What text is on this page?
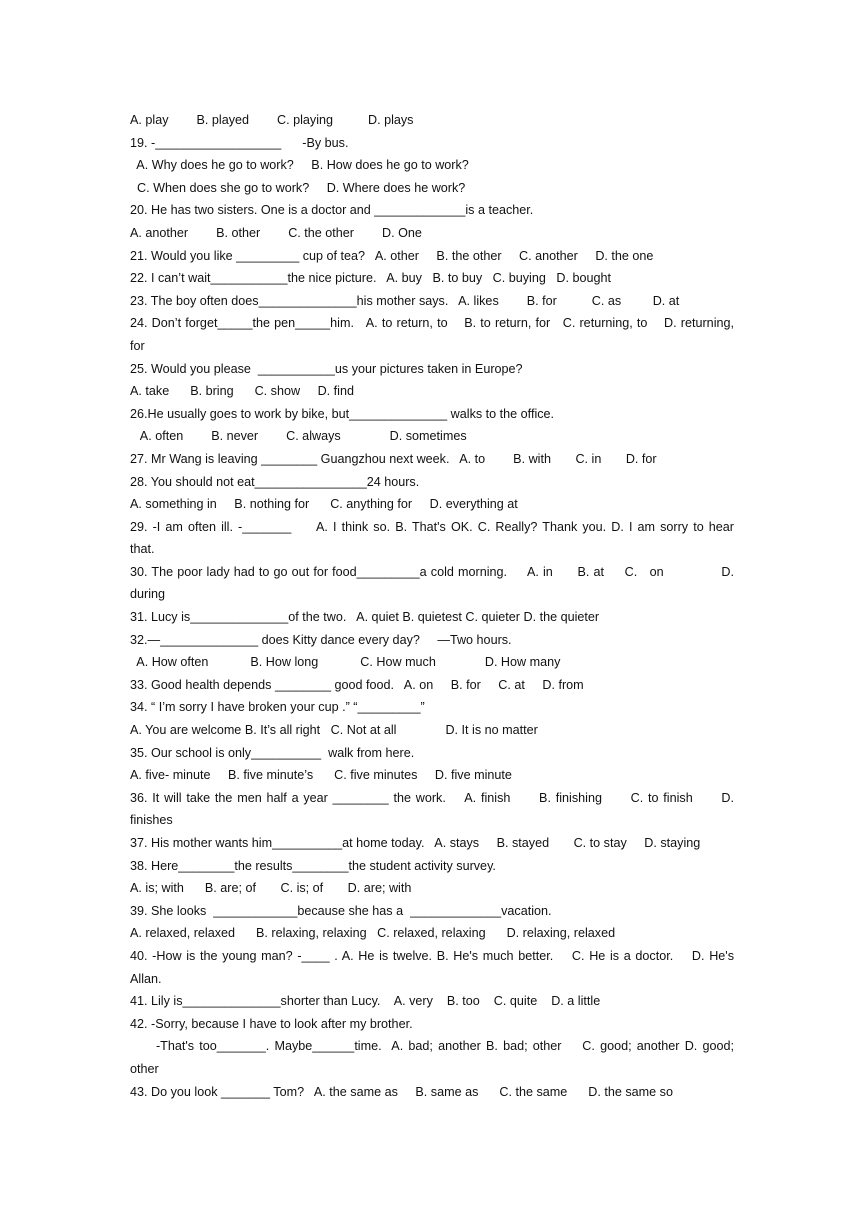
A. play        B. played        C. playing          D. plays
19. -__________________      -By bus.
A. Why does he go to work?     B. How does he go to work?
C. When does she go to work?     D. Where does he work?
20. He has two sisters. One is a doctor and _____________is a teacher.
A. another        B. other        C. the other        D. One
21. Would you like _________ cup of tea?   A. other     B. the other     C. another     D. the one
22. I can’t wait___________the nice picture.   A. buy   B. to buy   C. buying   D. bought
23. The boy often does______________his mother says.   A. likes        B. for          C. as         D. at
24. Don’t forget_____the pen_____him.   A. to return, to    B. to return, for   C. returning, to    D. returning,
for
25. Would you please  ___________us your pictures taken in Europe?
A. take      B. bring      C. show     D. find
26.He usually goes to work by bike, but______________ walks to the office.
A. often        B. never        C. always              D. sometimes
27. Mr Wang is leaving ________ Guangzhou next week.   A. to        B. with       C. in       D. for
28. You should not eat________________24 hours.
A. something in     B. nothing for      C. anything for     D. everything at
29. -I am often ill. -_______     A. I think so. B. That's OK. C. Really? Thank you. D. I am sorry to hear
that.
30. The poor lady had to go out for food_________a cold morning.     A. in      B. at     C.   on              D.
during
31. Lucy is______________of the two.   A. quiet B. quietest C. quieter D. the quieter
32.—______________ does Kitty dance every day?     —Two hours.
A. How often            B. How long            C. How much              D. How many
33. Good health depends ________ good food.   A. on     B. for     C. at     D. from
34. “ I’m sorry I have broken your cup .” “_________”
A. You are welcome B. It’s all right   C. Not at all              D. It is no matter
35. Our school is only__________  walk from here.
A. five- minute     B. five minute’s      C. five minutes     D. five minute
36. It will take the men half a year ________ the work.    A. finish      B. finishing      C. to finish      D.
finishes
37. His mother wants him__________at home today.   A. stays     B. stayed       C. to stay     D. staying
38. Here________the results________the student activity survey.
A. is; with      B. are; of       C. is; of       D. are; with
39. She looks  ____________because she has a  _____________vacation.
A. relaxed, relaxed      B. relaxing, relaxing   C. relaxed, relaxing      D. relaxing, relaxed
40. -How is the young man? -____ . A. He is twelve. B. He's much better.    C. He is a doctor.    D. He's
Allan.
41. Lily is______________shorter than Lucy.    A. very    B. too    C. quite    D. a little
42. -Sorry, because I have to look after my brother.
-That's too_______. Maybe______time.  A. bad; another B. bad; other    C. good; another D. good;
other
43. Do you look _______ Tom?   A. the same as     B. same as      C. the same      D. the same so
